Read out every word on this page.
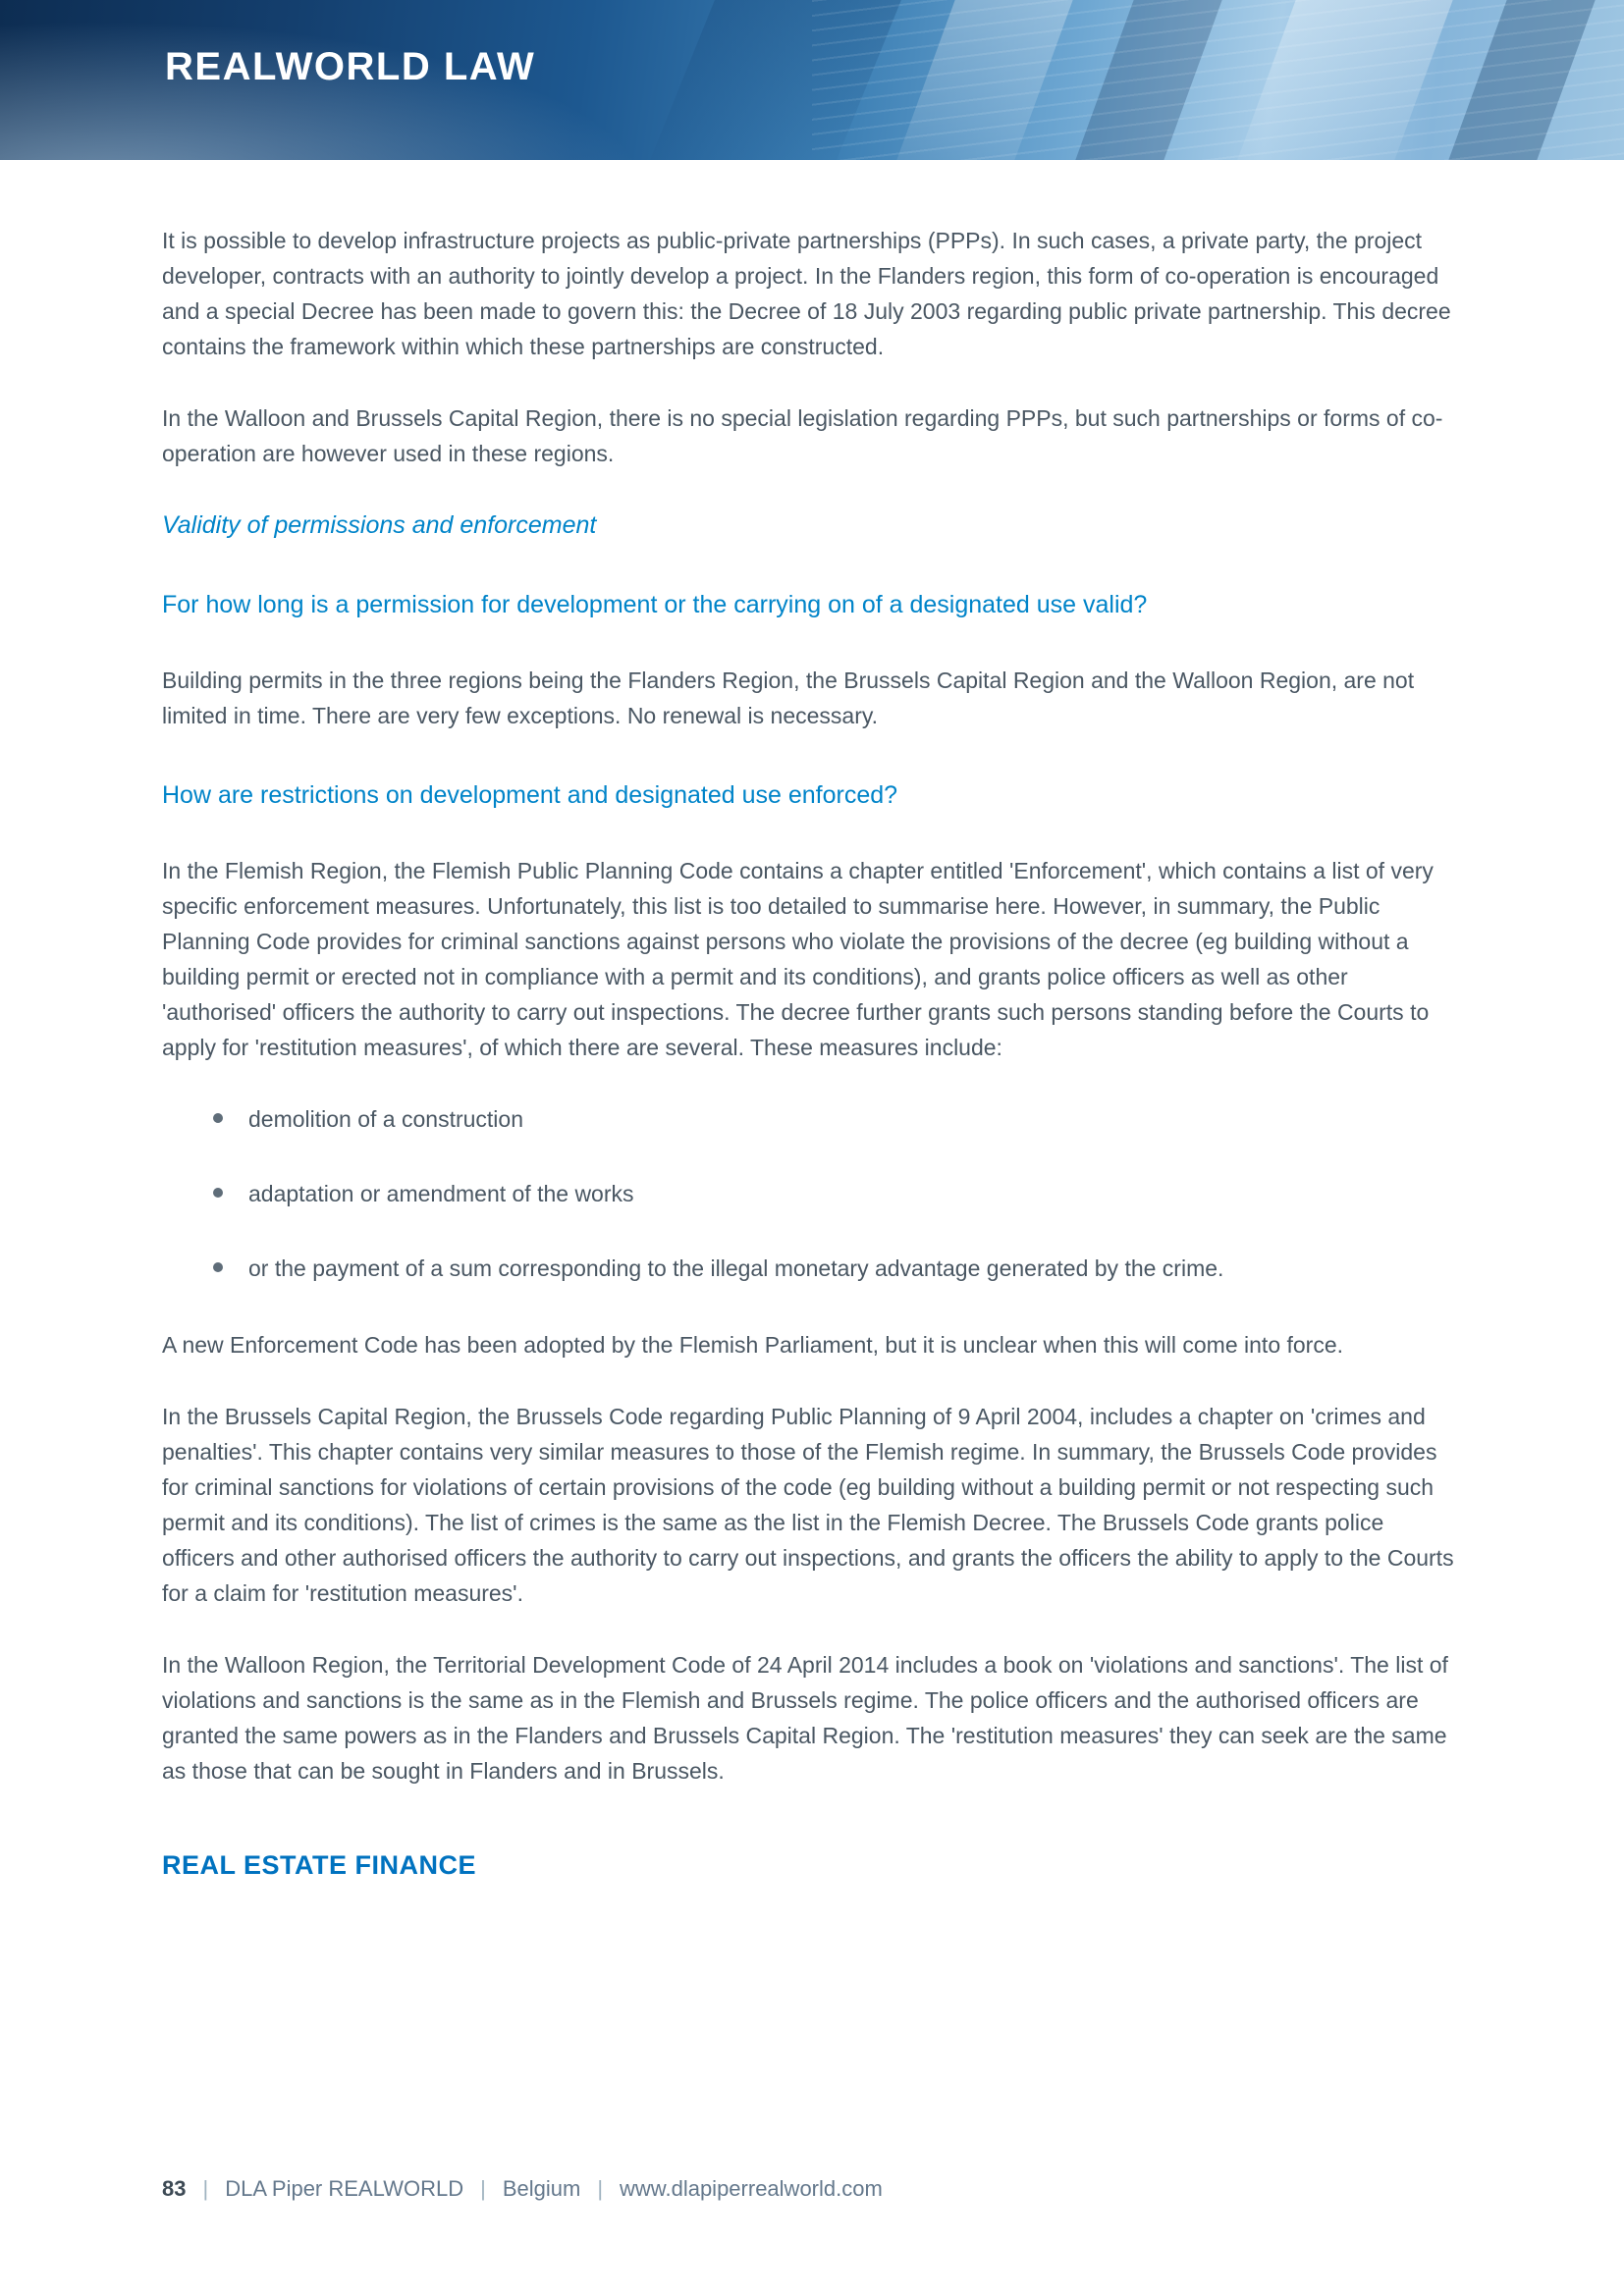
REALWORLD LAW

It is possible to develop infrastructure projects as public-private partnerships (PPPs). In such cases, a private party, the project developer, contracts with an authority to jointly develop a project. In the Flanders region, this form of co-operation is encouraged and a special Decree has been made to govern this: the Decree of 18 July 2003 regarding public private partnership. This decree contains the framework within which these partnerships are constructed.

In the Walloon and Brussels Capital Region, there is no special legislation regarding PPPs, but such partnerships or forms of co-operation are however used in these regions.

Validity of permissions and enforcement
For how long is a permission for development or the carrying on of a designated use valid?

Building permits in the three regions being the Flanders Region, the Brussels Capital Region and the Walloon Region, are not limited in time. There are very few exceptions. No renewal is necessary.

How are restrictions on development and designated use enforced?

In the Flemish Region, the Flemish Public Planning Code contains a chapter entitled 'Enforcement', which contains a list of very specific enforcement measures. Unfortunately, this list is too detailed to summarise here. However, in summary, the Public Planning Code provides for criminal sanctions against persons who violate the provisions of the decree (eg building without a building permit or erected not in compliance with a permit and its conditions), and grants police officers as well as other 'authorised' officers the authority to carry out inspections. The decree further grants such persons standing before the Courts to apply for 'restitution measures', of which there are several. These measures include:

demolition of a construction
adaptation or amendment of the works
or the payment of a sum corresponding to the illegal monetary advantage generated by the crime.

A new Enforcement Code has been adopted by the Flemish Parliament, but it is unclear when this will come into force.

In the Brussels Capital Region, the Brussels Code regarding Public Planning of 9 April 2004, includes a chapter on 'crimes and penalties'. This chapter contains very similar measures to those of the Flemish regime. In summary, the Brussels Code provides for criminal sanctions for violations of certain provisions of the code (eg building without a building permit or not respecting such permit and its conditions). The list of crimes is the same as the list in the Flemish Decree. The Brussels Code grants police officers and other authorised officers the authority to carry out inspections, and grants the officers the ability to apply to the Courts for a claim for 'restitution measures'.

In the Walloon Region, the Territorial Development Code of 24 April 2014 includes a book on 'violations and sanctions'. The list of violations and sanctions is the same as in the Flemish and Brussels regime. The police officers and the authorised officers are granted the same powers as in the Flanders and Brussels Capital Region. The 'restitution measures' they can seek are the same as those that can be sought in Flanders and in Brussels.

REAL ESTATE FINANCE
83 | DLA Piper REALWORLD | Belgium | www.dlapiperrealworld.com
